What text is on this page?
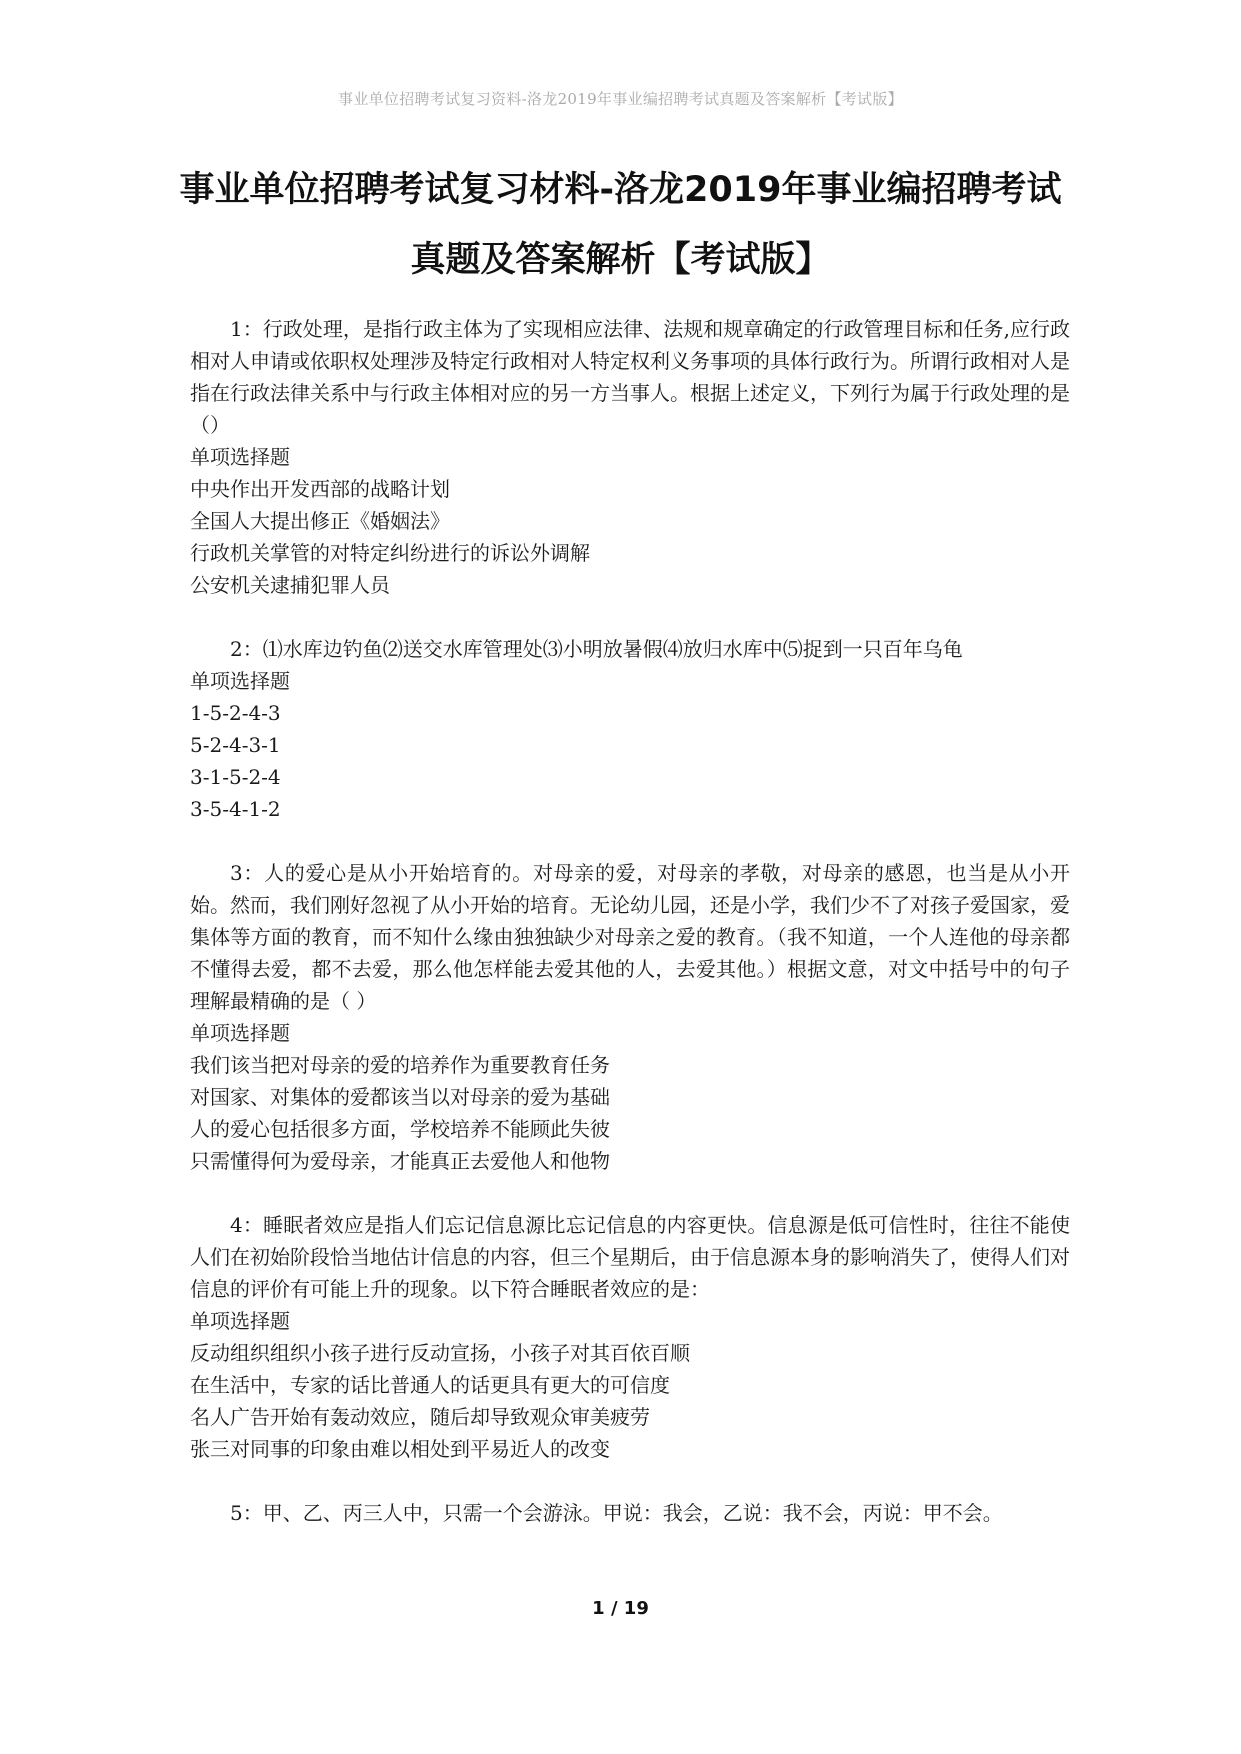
事业单位招聘考试复习资料-洛龙2019年事业编招聘考试真题及答案解析【考试版】
事业单位招聘考试复习材料-洛龙2019年事业编招聘考试
真题及答案解析【考试版】

1：行政处理，是指行政主体为了实现相应法律、法规和规章确定的行政管理目标和任务,应行政相对人申请或依职权处理涉及特定行政相对人特定权利义务事项的具体行政行为。所谓行政相对人是指在行政法律关系中与行政主体相对应的另一方当事人。根据上述定义，下列行为属于行政处理的是（）

单项选择题

中央作出开发西部的战略计划

全国人大提出修正《婚姻法》

行政机关掌管的对特定纠纷进行的诉讼外调解

公安机关逮捕犯罪人员

2：⑴水库边钓鱼⑵送交水库管理处⑶小明放暑假⑷放归水库中⑸捉到一只百年乌龟

单项选择题

1-5-2-4-3

5-2-4-3-1

3-1-5-2-4

3-5-4-1-2

3：人的爱心是从小开始培育的。对母亲的爱，对母亲的孝敬，对母亲的感恩，也当是从小开始。然而，我们刚好忽视了从小开始的培育。无论幼儿园，还是小学，我们少不了对孩子爱国家，爱集体等方面的教育，而不知什么缘由独独缺少对母亲之爱的教育。（我不知道，一个人连他的母亲都不懂得去爱，都不去爱，那么他怎样能去爱其他的人，去爱其他。）根据文意，对文中括号中的句子理解最精确的是（ ）

单项选择题

我们该当把对母亲的爱的培养作为重要教育任务

对国家、对集体的爱都该当以对母亲的爱为基础

人的爱心包括很多方面，学校培养不能顾此失彼

只需懂得何为爱母亲，才能真正去爱他人和他物

4：睡眠者效应是指人们忘记信息源比忘记信息的内容更快。信息源是低可信性时，往往不能使人们在初始阶段恰当地估计信息的内容，但三个星期后，由于信息源本身的影响消失了，使得人们对信息的评价有可能上升的现象。以下符合睡眠者效应的是：

单项选择题

反动组织组织小孩子进行反动宣扬，小孩子对其百依百顺

在生活中，专家的话比普通人的话更具有更大的可信度

名人广告开始有轰动效应，随后却导致观众审美疲劳

张三对同事的印象由难以相处到平易近人的改变

5：甲、乙、丙三人中，只需一个会游泳。甲说：我会，乙说：我不会，丙说：甲不会。

1 / 19
